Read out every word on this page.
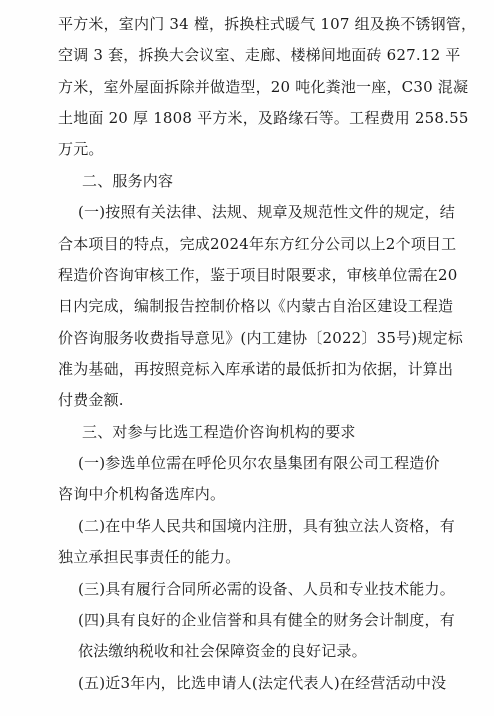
平方米，室内门 34 樘，拆换柱式暖气 107 组及换不锈钢管，
空调 3 套，拆换大会议室、走廊、楼梯间地面砖 627.12 平
方米，室外屋面拆除并做造型，20 吨化粪池一座，C30 混凝
土地面 20 厚 1808 平方米，及路缘石等。工程费用 258.55
万元。
二、服务内容
(一)按照有关法律、法规、规章及规范性文件的规定，结
合本项目的特点，完成2024年东方红分公司以上2个项目工
程造价咨询审核工作，鉴于项目时限要求，审核单位需在20
日内完成，编制报告控制价格以《内蒙古自治区建设工程造
价咨询服务收费指导意见》(内工建协〔2022〕35号)规定标
准为基础，再按照竞标入库承诺的最低折扣为依据，计算出
付费金额.
三、对参与比选工程造价咨询机构的要求
(一)参选单位需在呼伦贝尔农垦集团有限公司工程造价
咨询中介机构备选库内。
(二)在中华人民共和国境内注册，具有独立法人资格，有
独立承担民事责任的能力。
(三)具有履行合同所必需的设备、人员和专业技术能力。
(四)具有良好的企业信誉和具有健全的财务会计制度，有
依法缴纳税收和社会保障资金的良好记录。
(五)近3年内，比选申请人(法定代表人)在经营活动中没
